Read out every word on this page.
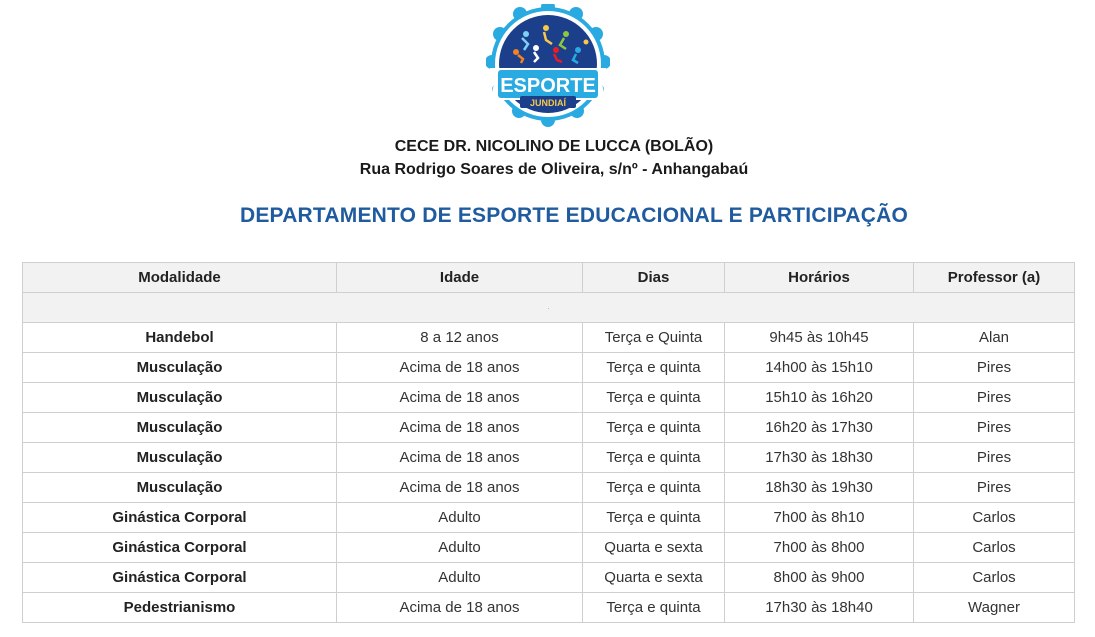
ESPORTE
JUNDIAÍ
CECE DR. NICOLINO DE LUCCA (BOLÃO)
Rua Rodrigo Soares de Oliveira, s/nº - Anhangabaú
DEPARTAMENTO DE ESPORTE EDUCACIONAL E PARTICIPAÇÃO
Modalidade	Idade	Dias	Horários	Professor (a)
.				
Handebol	8 a 12 anos	Terça e Quinta	9h45 às 10h45	Alan
Musculação	Acima de 18 anos	Terça e quinta	14h00 às 15h10	Pires
Musculação	Acima de 18 anos	Terça e quinta	15h10 às 16h20	Pires
Musculação	Acima de 18 anos	Terça e quinta	16h20 às 17h30	Pires
Musculação	Acima de 18 anos	Terça e quinta	17h30 às 18h30	Pires
Musculação	Acima de 18 anos	Terça e quinta	18h30 às 19h30	Pires
Ginástica Corporal	Adulto	Terça e quinta	7h00 às 8h10	Carlos
Ginástica Corporal	Adulto	Quarta e sexta	7h00 às 8h00	Carlos
Ginástica Corporal	Adulto	Quarta e sexta	8h00 às 9h00	Carlos
Pedestrianismo	Acima de 18 anos	Terça e quinta	17h30 às 18h40	Wagner
